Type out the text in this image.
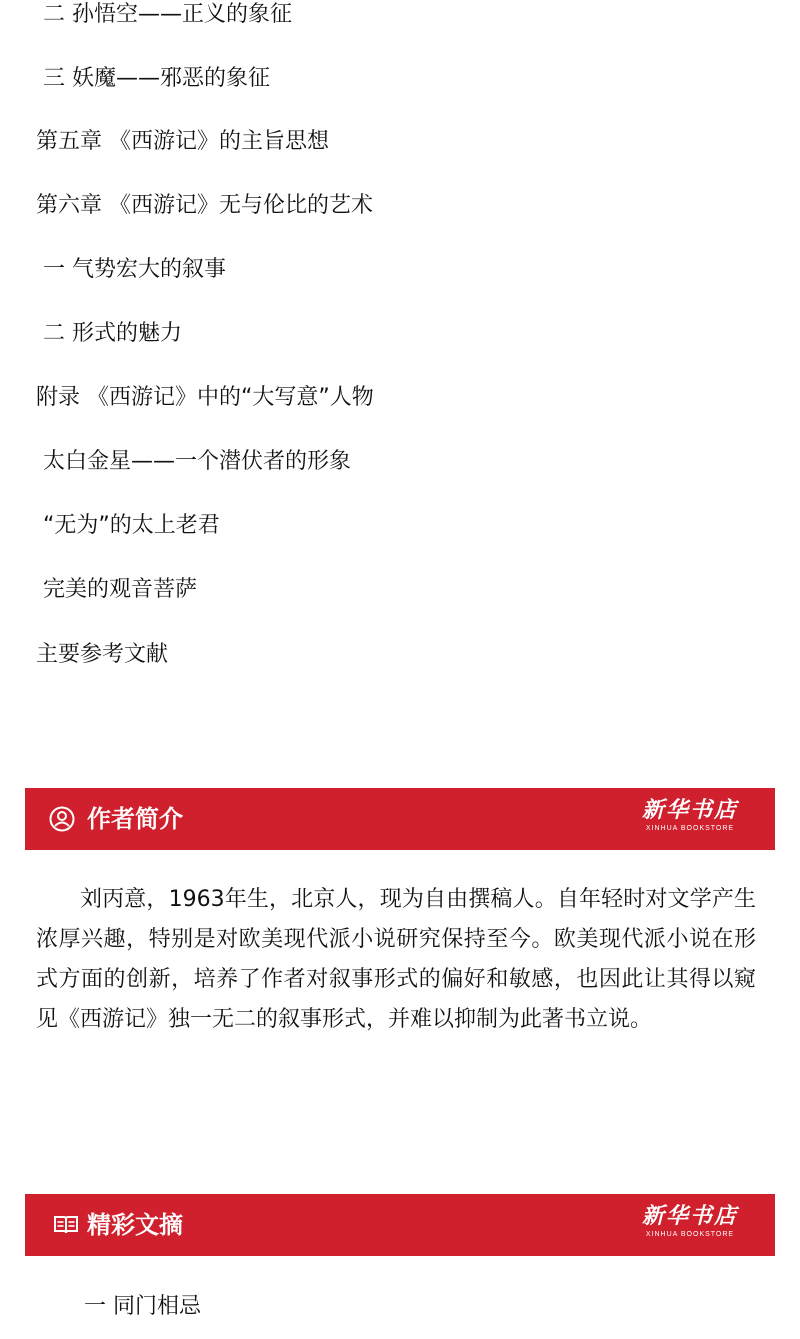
二 孙悟空——正义的象征
三 妖魔——邪恶的象征
第五章 《西游记》的主旨思想
第六章 《西游记》无与伦比的艺术
一 气势宏大的叙事
二 形式的魅力
附录 《西游记》中的“大写意”人物
太白金星——一个潜伏者的形象
“无为”的太上老君
完美的观音菩萨
主要参考文献
作者简介	新华书店
XINHUA BOOKSTORE
刘丙意，1963年生，北京人，现为自由撰稿人。自年轻时对文学产生浓厚兴趣，特别是对欧美现代派小说研究保持至今。欧美现代派小说在形式方面的创新，培养了作者对叙事形式的偏好和敏感，也因此让其得以窥见《西游记》独一无二的叙事形式，并难以抑制为此著书立说。
精彩文摘	新华书店
XINHUA BOOKSTORE
一 同门相忌
